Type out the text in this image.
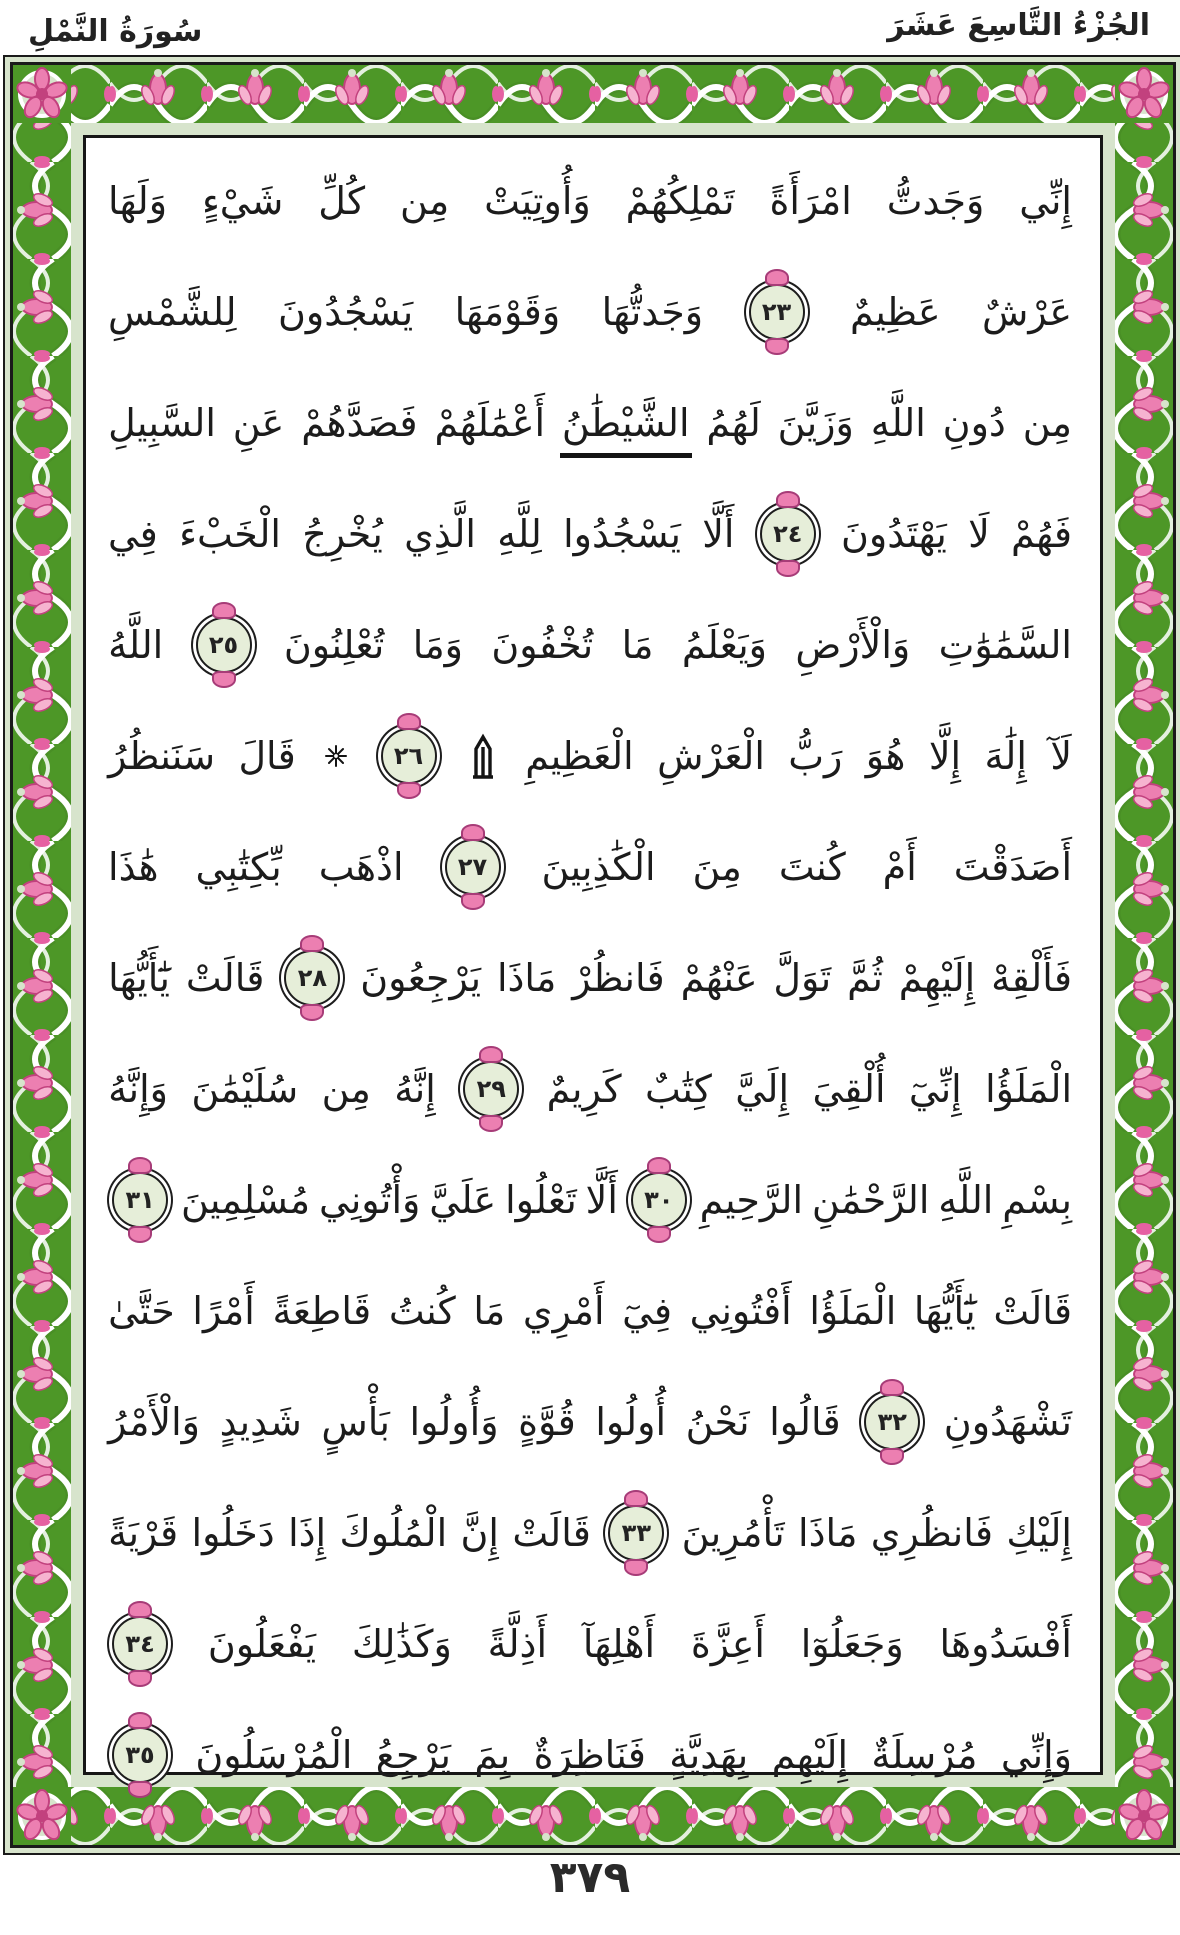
الجُزْءُ التَّاسِعَ عَشَرَ
سُورَةُ النَّمْلِ
إِنِّي
وَجَدتُّ
امْرَأَةً
تَمْلِكُهُمْ
وَأُوتِيَتْ
مِن
كُلِّ
شَيْءٍ
وَلَهَا
عَرْشٌ
عَظِيمٌ
٢٣
وَجَدتُّهَا
وَقَوْمَهَا
يَسْجُدُونَ
لِلشَّمْسِ
مِن
دُونِ
اللَّهِ
وَزَيَّنَ
لَهُمُ
الشَّيْطَٰنُ
أَعْمَٰلَهُمْ
فَصَدَّهُمْ
عَنِ
السَّبِيلِ
فَهُمْ
لَا
يَهْتَدُونَ
٢٤
أَلَّا
يَسْجُدُوا
لِلَّهِ
الَّذِي
يُخْرِجُ
الْخَبْءَ
فِي
السَّمَٰوَٰتِ
وَالْأَرْضِ
وَيَعْلَمُ
مَا
تُخْفُونَ
وَمَا
تُعْلِنُونَ
٢٥
اللَّهُ
لَآ
إِلَٰهَ
إِلَّا
هُوَ
رَبُّ
الْعَرْشِ
الْعَظِيمِ
٢٦
قَالَ
سَنَنظُرُ
أَصَدَقْتَ
أَمْ
كُنتَ
مِنَ
الْكَٰذِبِينَ
٢٧
اذْهَب
بِّكِتَٰبِي
هَٰذَا
فَأَلْقِهْ
إِلَيْهِمْ
ثُمَّ
تَوَلَّ
عَنْهُمْ
فَانظُرْ
مَاذَا
يَرْجِعُونَ
٢٨
قَالَتْ
يَٰٓأَيُّهَا
الْمَلَؤُا
إِنِّيٓ
أُلْقِيَ
إِلَيَّ
كِتَٰبٌ
كَرِيمٌ
٢٩
إِنَّهُ
مِن
سُلَيْمَٰنَ
وَإِنَّهُ
بِسْمِ
اللَّهِ
الرَّحْمَٰنِ
الرَّحِيمِ
٣٠
أَلَّا
تَعْلُوا
عَلَيَّ
وَأْتُونِي
مُسْلِمِينَ
٣١
قَالَتْ
يَٰٓأَيُّهَا
الْمَلَؤُا
أَفْتُونِي
فِيٓ
أَمْرِي
مَا
كُنتُ
قَاطِعَةً
أَمْرًا
حَتَّىٰ
تَشْهَدُونِ
٣٢
قَالُوا
نَحْنُ
أُولُوا
قُوَّةٍ
وَأُولُوا
بَأْسٍ
شَدِيدٍ
وَالْأَمْرُ
إِلَيْكِ
فَانظُرِي
مَاذَا
تَأْمُرِينَ
٣٣
قَالَتْ
إِنَّ
الْمُلُوكَ
إِذَا
دَخَلُوا
قَرْيَةً
أَفْسَدُوهَا
وَجَعَلُوٓا
أَعِزَّةَ
أَهْلِهَآ
أَذِلَّةً
وَكَذَٰلِكَ
يَفْعَلُونَ
٣٤
وَإِنِّي
مُرْسِلَةٌ
إِلَيْهِم
بِهَدِيَّةٍ
فَنَاظِرَةٌ
بِمَ
يَرْجِعُ
الْمُرْسَلُونَ
٣٥
٣٧٩
